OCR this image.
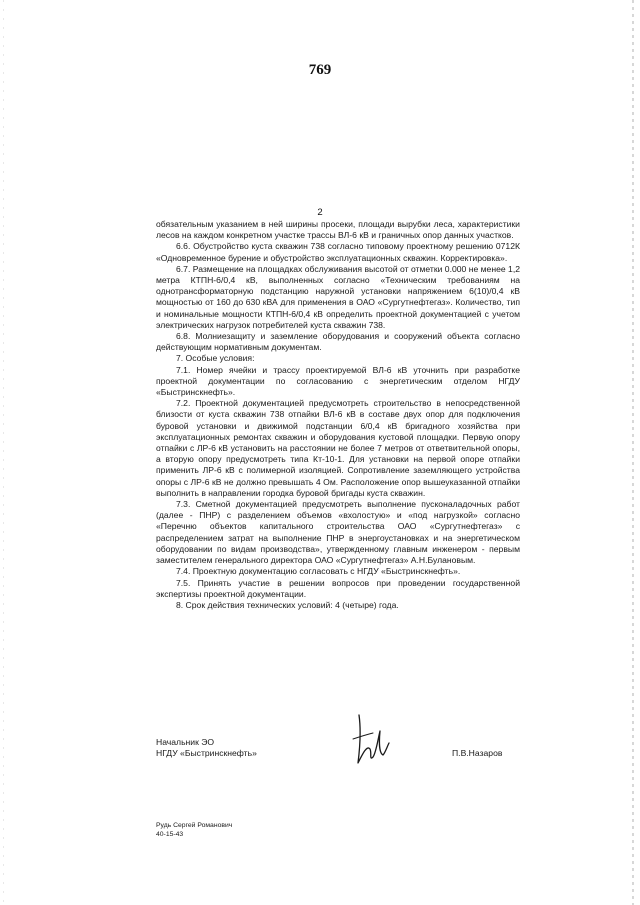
769
2

обязательным указанием в ней ширины просеки, площади вырубки леса, характеристики лесов на каждом конкретном участке трассы ВЛ-6 кВ и граничных опор данных участков.

6.6. Обустройство куста скважин 738 согласно типовому проектному решению 0712К «Одновременное бурение и обустройство эксплуатационных скважин. Корректировка».

6.7. Размещение на площадках обслуживания высотой от отметки 0.000 не менее 1,2 метра КТПН-6/0,4 кВ, выполненных согласно «Техническим требованиям на однотрансформаторную подстанцию наружной установки напряжением 6(10)/0,4 кВ мощностью от 160 до 630 кВА для применения в ОАО «Сургутнефтегаз». Количество, тип и номинальные мощности КТПН-6/0,4 кВ определить проектной документацией с учетом электрических нагрузок потребителей куста скважин 738.

6.8. Молниезащиту и заземление оборудования и сооружений объекта согласно действующим нормативным документам.

7. Особые условия:

7.1. Номер ячейки и трассу проектируемой ВЛ-6 кВ уточнить при разработке проектной документации по согласованию с энергетическим отделом НГДУ «Быстринскнефть».

7.2. Проектной документацией предусмотреть строительство в непосредственной близости от куста скважин 738 отпайки ВЛ-6 кВ в составе двух опор для подключения буровой установки и движимой подстанции 6/0,4 кВ бригадного хозяйства при эксплуатационных ремонтах скважин и оборудования кустовой площадки. Первую опору отпайки с ЛР-6 кВ установить на расстоянии не более 7 метров от ответвительной опоры, а вторую опору предусмотреть типа Кт-10-1. Для установки на первой опоре отпайки применить ЛР-6 кВ с полимерной изоляцией. Сопротивление заземляющего устройства опоры с ЛР-6 кВ не должно превышать 4 Ом. Расположение опор вышеуказанной отпайки выполнить в направлении городка буровой бригады куста скважин.

7.3. Сметной документацией предусмотреть выполнение пусконаладочных работ (далее - ПНР) с разделением объемов «вхолостую» и «под нагрузкой» согласно «Перечню объектов капитального строительства ОАО «Сургутнефтегаз» с распределением затрат на выполнение ПНР в энергоустановках и на энергетическом оборудовании по видам производства», утвержденному главным инженером - первым заместителем генерального директора ОАО «Сургутнефтегаз» А.Н.Булановым.

7.4. Проектную документацию согласовать с НГДУ «Быстринскнефть».

7.5. Принять участие в решении вопросов при проведении государственной экспертизы проектной документации.

8. Срок действия технических условий: 4 (четыре) года.

Начальник ЭО
НГДУ «Быстринскнефть»	П.В.Назаров
Рудь Сергей Романович
40-15-43
